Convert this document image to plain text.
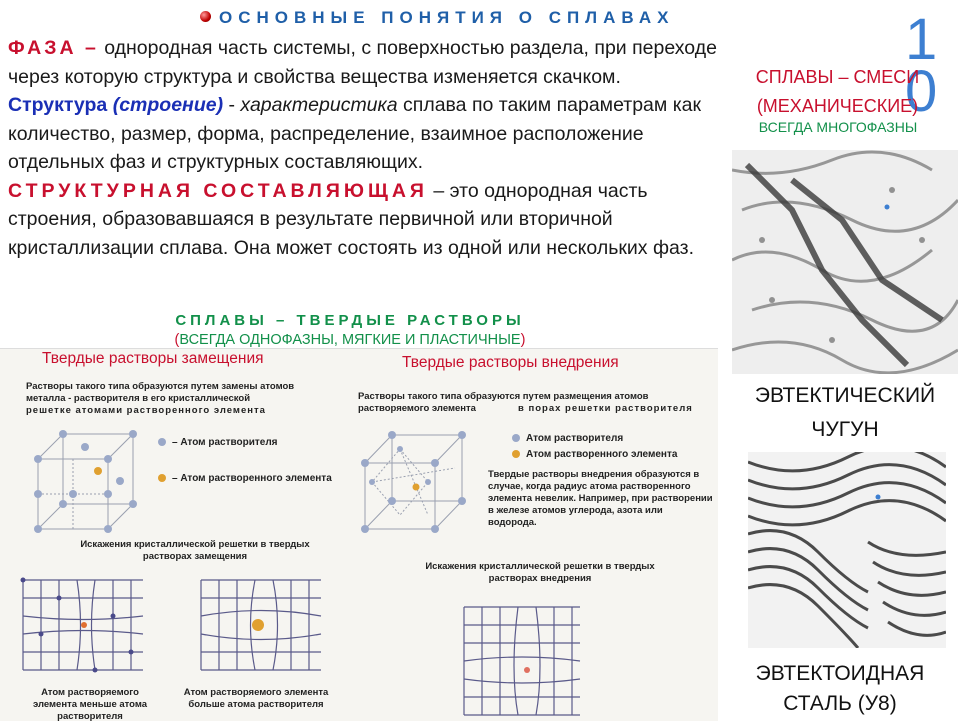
ОСНОВНЫЕ ПОНЯТИЯ О СПЛАВАХ	1
0
ФАЗА – однородная часть системы, с поверхностью раздела, при переходе через которую структура и свойства вещества изменяется скачком. Структура (строение) - характеристика сплава по таким параметрам как количество, размер, форма, распределение, взаимное расположение отдельных фаз и структурных составляющих.
СТРУКТУРНАЯ СОСТАВЛЯЮЩАЯ – это однородная часть строения, образовавшаяся в результате первичной или вторичной кристаллизации сплава. Она может состоять из одной или нескольких фаз.
СПЛАВЫ – ТВЕРДЫЕ РАСТВОРЫ
(ВСЕГДА ОДНОФАЗНЫ, МЯГКИЕ И ПЛАСТИЧНЫЕ)
СПЛАВЫ – СМЕСИ
(МЕХАНИЧЕСКИЕ)
ВСЕГДА МНОГОФАЗНЫ
Твердые растворы замещения	Твердые растворы внедрения
Растворы такого типа образуются путем замены атомов металла - растворителя в его кристаллической
решетке атомами растворенного элемента
Растворы такого типа образуются путем размещения атомов растворяемого элемента	в порах решетки растворителя
– Атом растворителя
– Атом растворенного элемента
Искажения кристаллической решетки в твердых растворах замещения
Атом растворяемого элемента меньше атома растворителя
Атом растворяемого элемента больше атома растворителя
Атом растворителя
Атом растворенного элемента
Твердые растворы внедрения образуются в случае, когда радиус атома растворенного элемента невелик. Например, при растворении в железе атомов углерода, азота или водорода.
Искажения кристаллической решетки в твердых растворах внедрения
ЭВТЕКТИЧЕСКИЙ
ЧУГУН
ЭВТЕКТОИДНАЯ
СТАЛЬ (У8)
